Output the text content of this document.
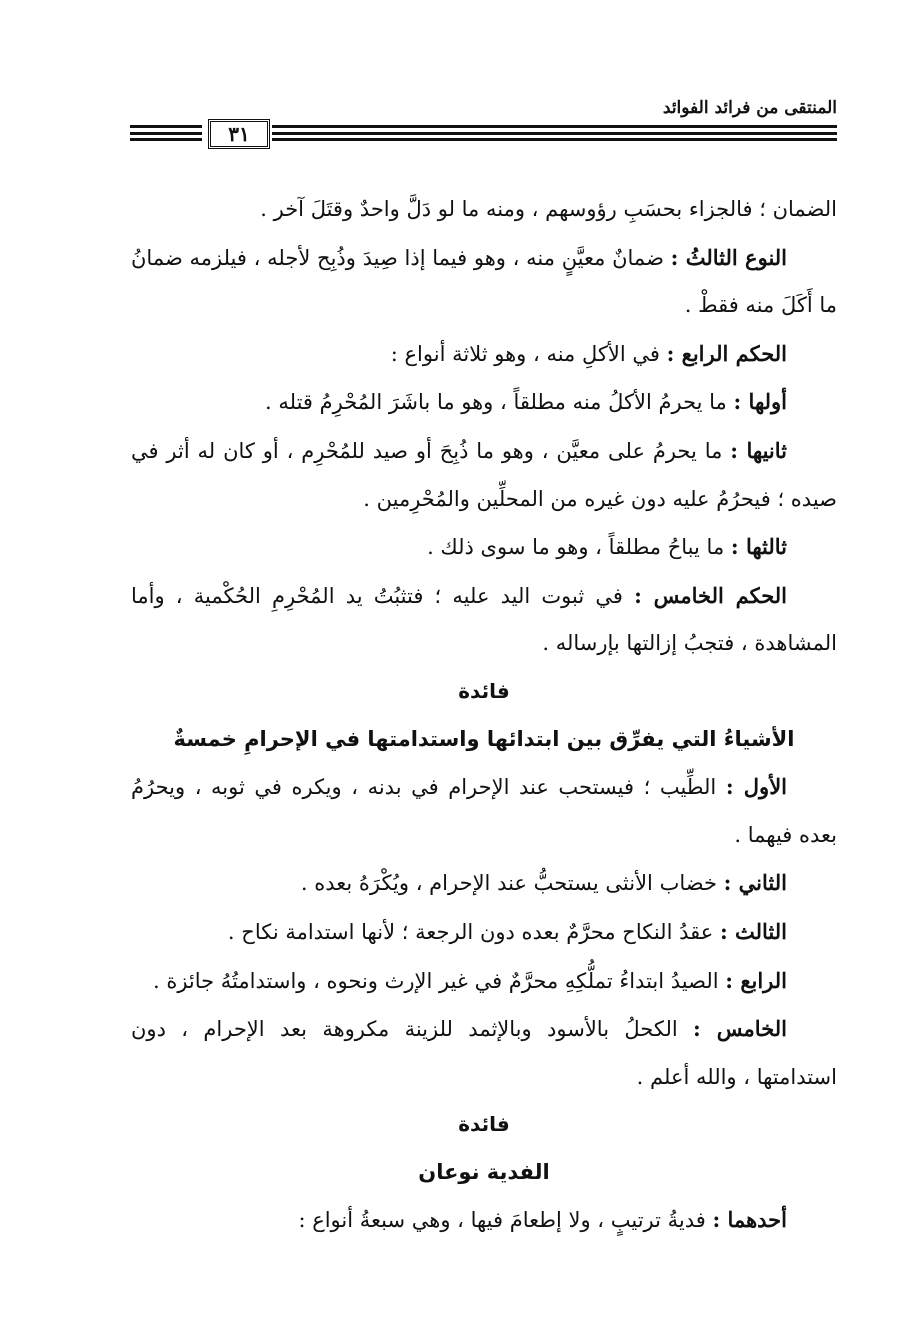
المنتقى من فرائد الفوائد
٣١

الضمان ؛ فالجزاء بحسَبِ رؤوسهم ، ومنه ما لو دَلَّ واحدٌ وقتَلَ آخر .

النوع الثالثُ : ضمانٌ معيَّنٍ منه ، وهو فيما إذا صِيدَ وذُبِح لأجله ، فيلزمه ضمانُ ما أَكَلَ منه فقطْ .

الحكم الرابع : في الأكلِ منه ، وهو ثلاثة أنواع :

أولها : ما يحرمُ الأكلُ منه مطلقاً ، وهو ما باشَرَ المُحْرِمُ قتله .

ثانيها : ما يحرمُ على معيَّن ، وهو ما ذُبِحَ أو صيد للمُحْرِم ، أو كان له أثر في صيده ؛ فيحرُمُ عليه دون غيره من المحلِّين والمُحْرِمين .

ثالثها : ما يباحُ مطلقاً ، وهو ما سوى ذلك .

الحكم الخامس : في ثبوت اليد عليه ؛ فتثبُتُ يد المُحْرِمِ الحُكْمية ، وأما المشاهدة ، فتجبُ إزالتها بإرساله .

فائدة

الأشياءُ التي يفرِّق بين ابتدائها واستدامتها في الإحرامِ خمسةٌ

الأول : الطِّيب ؛ فيستحب عند الإحرام في بدنه ، ويكره في ثوبه ، ويحرُمُ بعده فيهما .

الثاني : خضاب الأنثى يستحبُّ عند الإحرام ، ويُكْرَهُ بعده .

الثالث : عقدُ النكاح محرَّمٌ بعده دون الرجعة ؛ لأنها استدامة نكاح .

الرابع : الصيدُ ابتداءُ تملُّكِهِ محرَّمٌ في غير الإرث ونحوه ، واستدامتُهُ جائزة .

الخامس : الكحلُ بالأسود وبالإثمد للزينة مكروهة بعد الإحرام ، دون استدامتها ، والله أعلم .

فائدة

الفدية نوعان

أحدهما : فديةُ ترتيبٍ ، ولا إطعامَ فيها ، وهي سبعةُ أنواع :
